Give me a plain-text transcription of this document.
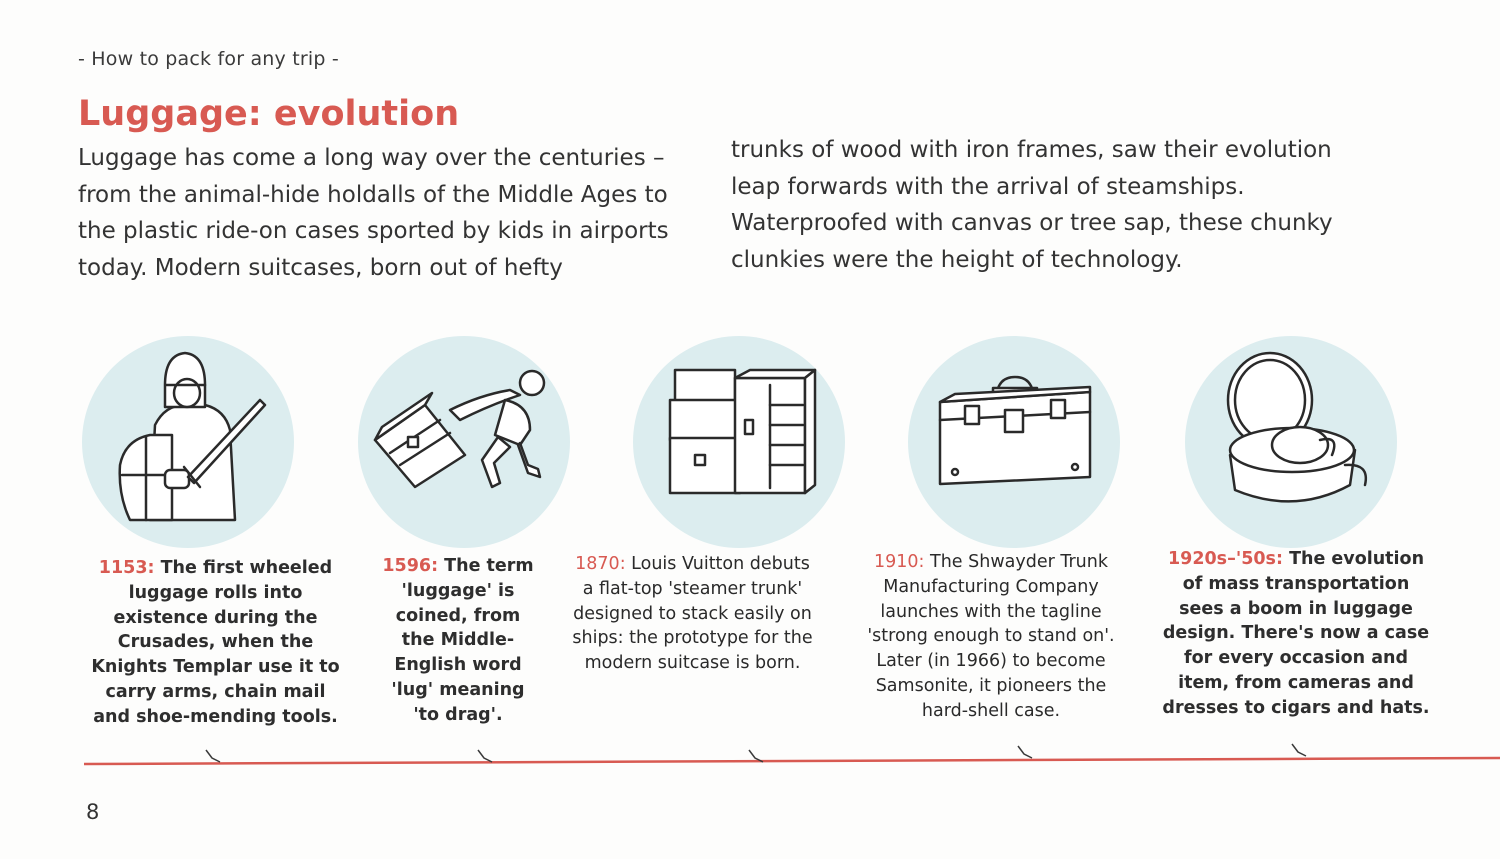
- How to pack for any trip -
Luggage: evolution
Luggage has come a long way over the centuries – from the animal-hide holdalls of the Middle Ages to the plastic ride-on cases sported by kids in airports today. Modern suitcases, born out of hefty
trunks of wood with iron frames, saw their evolution leap forwards with the arrival of steamships. Waterproofed with canvas or tree sap, these chunky clunkies were the height of technology.
1153: The first wheeled luggage rolls into existence during the Crusades, when the Knights Templar use it to carry arms, chain mail and shoe-mending tools.
1596: The term 'luggage' is coined, from the Middle-English word 'lug' meaning 'to drag'.
1870: Louis Vuitton debuts a flat-top 'steamer trunk' designed to stack easily on ships: the prototype for the modern suitcase is born.
1910: The Shwayder Trunk Manufacturing Company launches with the tagline 'strong enough to stand on'. Later (in 1966) to become Samsonite, it pioneers the hard-shell case.
1920s–'50s: The evolution of mass transportation sees a boom in luggage design. There's now a case for every occasion and item, from cameras and dresses to cigars and hats.
8
